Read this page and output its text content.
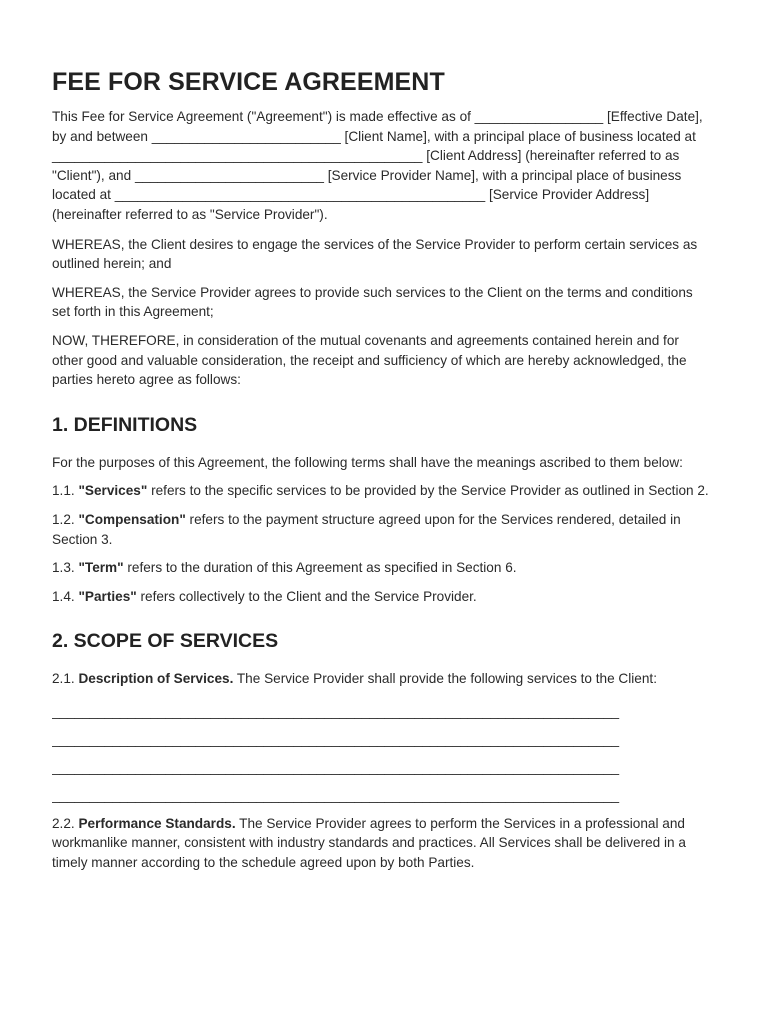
FEE FOR SERVICE AGREEMENT

This Fee for Service Agreement ("Agreement") is made effective as of _________________ [Effective Date], by and between _________________________ [Client Name], with a principal place of business located at _________________________________________________ [Client Address] (hereinafter referred to as "Client"), and _________________________ [Service Provider Name], with a principal place of business located at _________________________________________________ [Service Provider Address] (hereinafter referred to as "Service Provider").

WHEREAS, the Client desires to engage the services of the Service Provider to perform certain services as outlined herein; and

WHEREAS, the Service Provider agrees to provide such services to the Client on the terms and conditions set forth in this Agreement;

NOW, THEREFORE, in consideration of the mutual covenants and agreements contained herein and for other good and valuable consideration, the receipt and sufficiency of which are hereby acknowledged, the parties hereto agree as follows:

1. DEFINITIONS

For the purposes of this Agreement, the following terms shall have the meanings ascribed to them below:

1.1. "Services" refers to the specific services to be provided by the Service Provider as outlined in Section 2.

1.2. "Compensation" refers to the payment structure agreed upon for the Services rendered, detailed in Section 3.

1.3. "Term" refers to the duration of this Agreement as specified in Section 6.

1.4. "Parties" refers collectively to the Client and the Service Provider.

2. SCOPE OF SERVICES

2.1. Description of Services. The Service Provider shall provide the following services to the Client:

___________________________________________________________________________
___________________________________________________________________________
___________________________________________________________________________
___________________________________________________________________________

2.2. Performance Standards. The Service Provider agrees to perform the Services in a professional and workmanlike manner, consistent with industry standards and practices. All Services shall be delivered in a timely manner according to the schedule agreed upon by both Parties.
